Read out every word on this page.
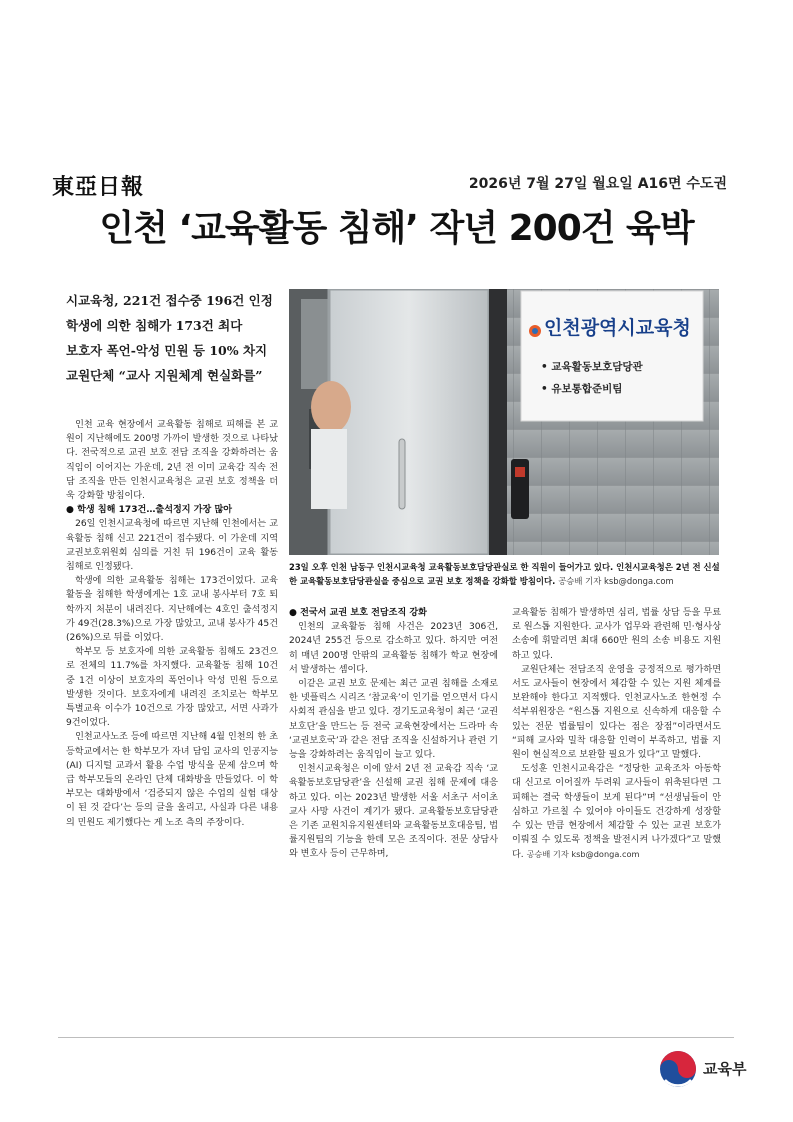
東亞日報	2026년 7월 27일 월요일 A16면 수도권
인천 ‘교육활동 침해’ 작년 200건 육박
시교육청, 221건 접수중 196건 인정
학생에 의한 침해가 173건 최다
보호자 폭언-악성 민원 등 10% 차지
교원단체 “교사 지원체계 현실화를”
인천광역시교육청
• 교육활동보호담당관
• 유보통합준비팀
23일 오후 인천 남동구 인천시교육청 교육활동보호담당관실로 한 직원이 들어가고 있다. 인천시교육청은 2년 전 신설한 교육활동보호담당관실을 중심으로 교권 보호 정책을 강화할 방침이다. 공승배 기자 ksb@donga.com

인천 교육 현장에서 교육활동 침해로 피해를 본 교원이 지난해에도 200명 가까이 발생한 것으로 나타났다. 전국적으로 교권 보호 전담 조직을 강화하려는 움직임이 이어지는 가운데, 2년 전 이미 교육감 직속 전담 조직을 만든 인천시교육청은 교권 보호 정책을 더욱 강화할 방침이다.

● 학생 침해 173건…출석정지 가장 많아

26일 인천시교육청에 따르면 지난해 인천에서는 교육활동 침해 신고 221건이 접수됐다. 이 가운데 지역 교권보호위원회 심의를 거친 뒤 196건이 교육 활동 침해로 인정됐다.

학생에 의한 교육활동 침해는 173건이었다. 교육 활동을 침해한 학생에게는 1호 교내 봉사부터 7호 퇴학까지 처분이 내려진다. 지난해에는 4호인 출석정지가 49건(28.3%)으로 가장 많았고, 교내 봉사가 45건(26%)으로 뒤를 이었다.

학부모 등 보호자에 의한 교육활동 침해도 23건으로 전체의 11.7%를 차지했다. 교육활동 침해 10건 중 1건 이상이 보호자의 폭언이나 악성 민원 등으로 발생한 것이다. 보호자에게 내려진 조치로는 학부모 특별교육 이수가 10건으로 가장 많았고, 서면 사과가 9건이었다.

인천교사노조 등에 따르면 지난해 4월 인천의 한 초등학교에서는 한 학부모가 자녀 담임 교사의 인공지능(AI) 디지털 교과서 활용 수업 방식을 문제 삼으며 학급 학부모들의 온라인 단체 대화방을 만들었다. 이 학부모는 대화방에서 ‘검증되지 않은 수업의 실험 대상이 된 것 같다’는 등의 글을 올리고, 사실과 다른 내용의 민원도 제기했다는 게 노조 측의 주장이다.

● 전국서 교권 보호 전담조직 강화

인천의 교육활동 침해 사건은 2023년 306건, 2024년 255건 등으로 감소하고 있다. 하지만 여전히 매년 200명 안팎의 교육활동 침해가 학교 현장에서 발생하는 셈이다.

이같은 교권 보호 문제는 최근 교권 침해를 소재로 한 넷플릭스 시리즈 ‘참교육’이 인기를 얻으면서 다시 사회적 관심을 받고 있다. 경기도교육청이 최근 ‘교권보호단’을 만드는 등 전국 교육현장에서는 드라마 속 ‘교권보호국’과 같은 전담 조직을 신설하거나 관련 기능을 강화하려는 움직임이 늘고 있다.

인천시교육청은 이에 앞서 2년 전 교육감 직속 ‘교육활동보호담당관’을 신설해 교권 침해 문제에 대응하고 있다. 이는 2023년 발생한 서울 서초구 서이초 교사 사망 사건이 계기가 됐다. 교육활동보호담당관은 기존 교원치유지원센터와 교육활동보호대응팀, 법률지원팀의 기능을 한데 모은 조직이다. 전문 상담사와 변호사 등이 근무하며,

교육활동 침해가 발생하면 심리, 법률 상담 등을 무료로 원스톱 지원한다. 교사가 업무와 관련해 민·형사상 소송에 휘말리면 최대 660만 원의 소송 비용도 지원하고 있다.

교원단체는 전담조직 운영을 긍정적으로 평가하면서도 교사들이 현장에서 체감할 수 있는 지원 체계를 보완해야 한다고 지적했다. 인천교사노조 한현정 수석부위원장은 “원스톱 지원으로 신속하게 대응할 수 있는 전문 법률팀이 있다는 점은 장점”이라면서도 “피해 교사와 밀착 대응할 인력이 부족하고, 법률 지원이 현실적으로 보완할 필요가 있다”고 말했다.

도성훈 인천시교육감은 “정당한 교육조차 아동학대 신고로 이어질까 두려워 교사들이 위축된다면 그 피해는 결국 학생들이 보게 된다”며 “선생님들이 안심하고 가르칠 수 있어야 아이들도 건강하게 성장할 수 있는 만큼 현장에서 체감할 수 있는 교권 보호가 이뤄질 수 있도록 정책을 발전시켜 나가겠다”고 말했다. 공승배 기자 ksb@donga.com

교육부
